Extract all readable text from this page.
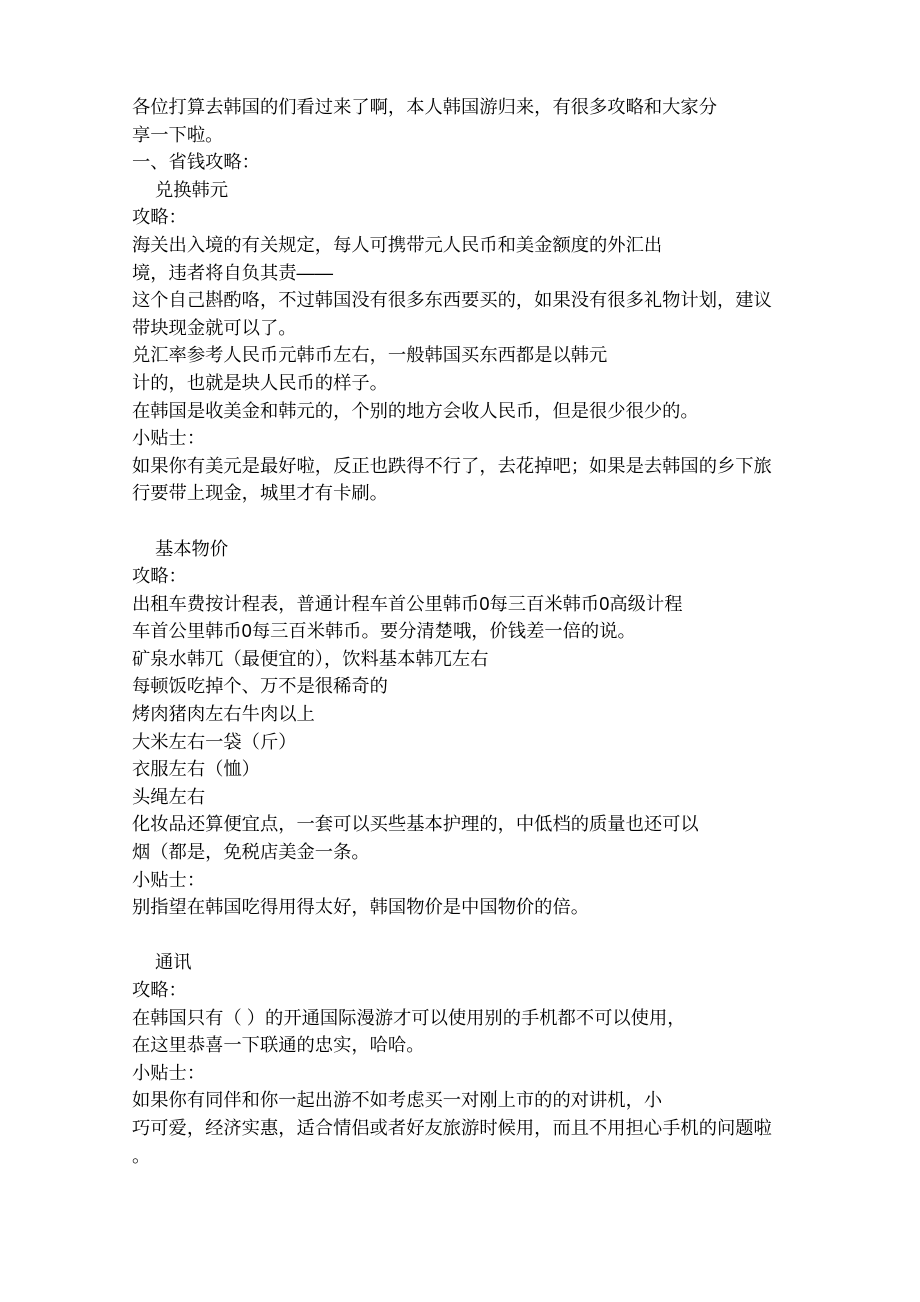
各位打算去韩国的们看过来了啊，本人韩国游归来，有很多攻略和大家分
享一下啦。
一、省钱攻略：
兑换韩元
攻略：
海关出入境的有关规定，每人可携带元人民币和美金额度的外汇出
境，违者将自负其责——
这个自己斟酌咯，不过韩国没有很多东西要买的，如果没有很多礼物计划，建议
带块现金就可以了。
兑汇率参考人民币元韩币左右，一般韩国买东西都是以韩元
计的，也就是块人民币的样子。
在韩国是收美金和韩元的，个别的地方会收人民币，但是很少很少的。
小贴士：
如果你有美元是最好啦，反正也跌得不行了，去花掉吧；如果是去韩国的乡下旅
行要带上现金，城里才有卡刷。

基本物价
攻略：
出租车费按计程表，普通计程车首公里韩币0每三百米韩币0高级计程
车首公里韩币0每三百米韩币。要分清楚哦，价钱差一倍的说。
矿泉水韩兀（最便宜的），饮料基本韩兀左右
每顿饭吃掉个、万不是很稀奇的
烤肉猪肉左右牛肉以上
大米左右一袋（斤）
衣服左右（恤）
头绳左右
化妆品还算便宜点，一套可以买些基本护理的，中低档的质量也还可以
烟（都是，免税店美金一条。
小贴士：
别指望在韩国吃得用得太好，韩国物价是中国物价的倍。

通讯
攻略：
在韩国只有（ ）的开通国际漫游才可以使用别的手机都不可以使用，
在这里恭喜一下联通的忠实，哈哈。
小贴士：
如果你有同伴和你一起出游不如考虑买一对刚上市的的对讲机，小
巧可爱，经济实惠，适合情侣或者好友旅游时候用，而且不用担心手机的问题啦
。
